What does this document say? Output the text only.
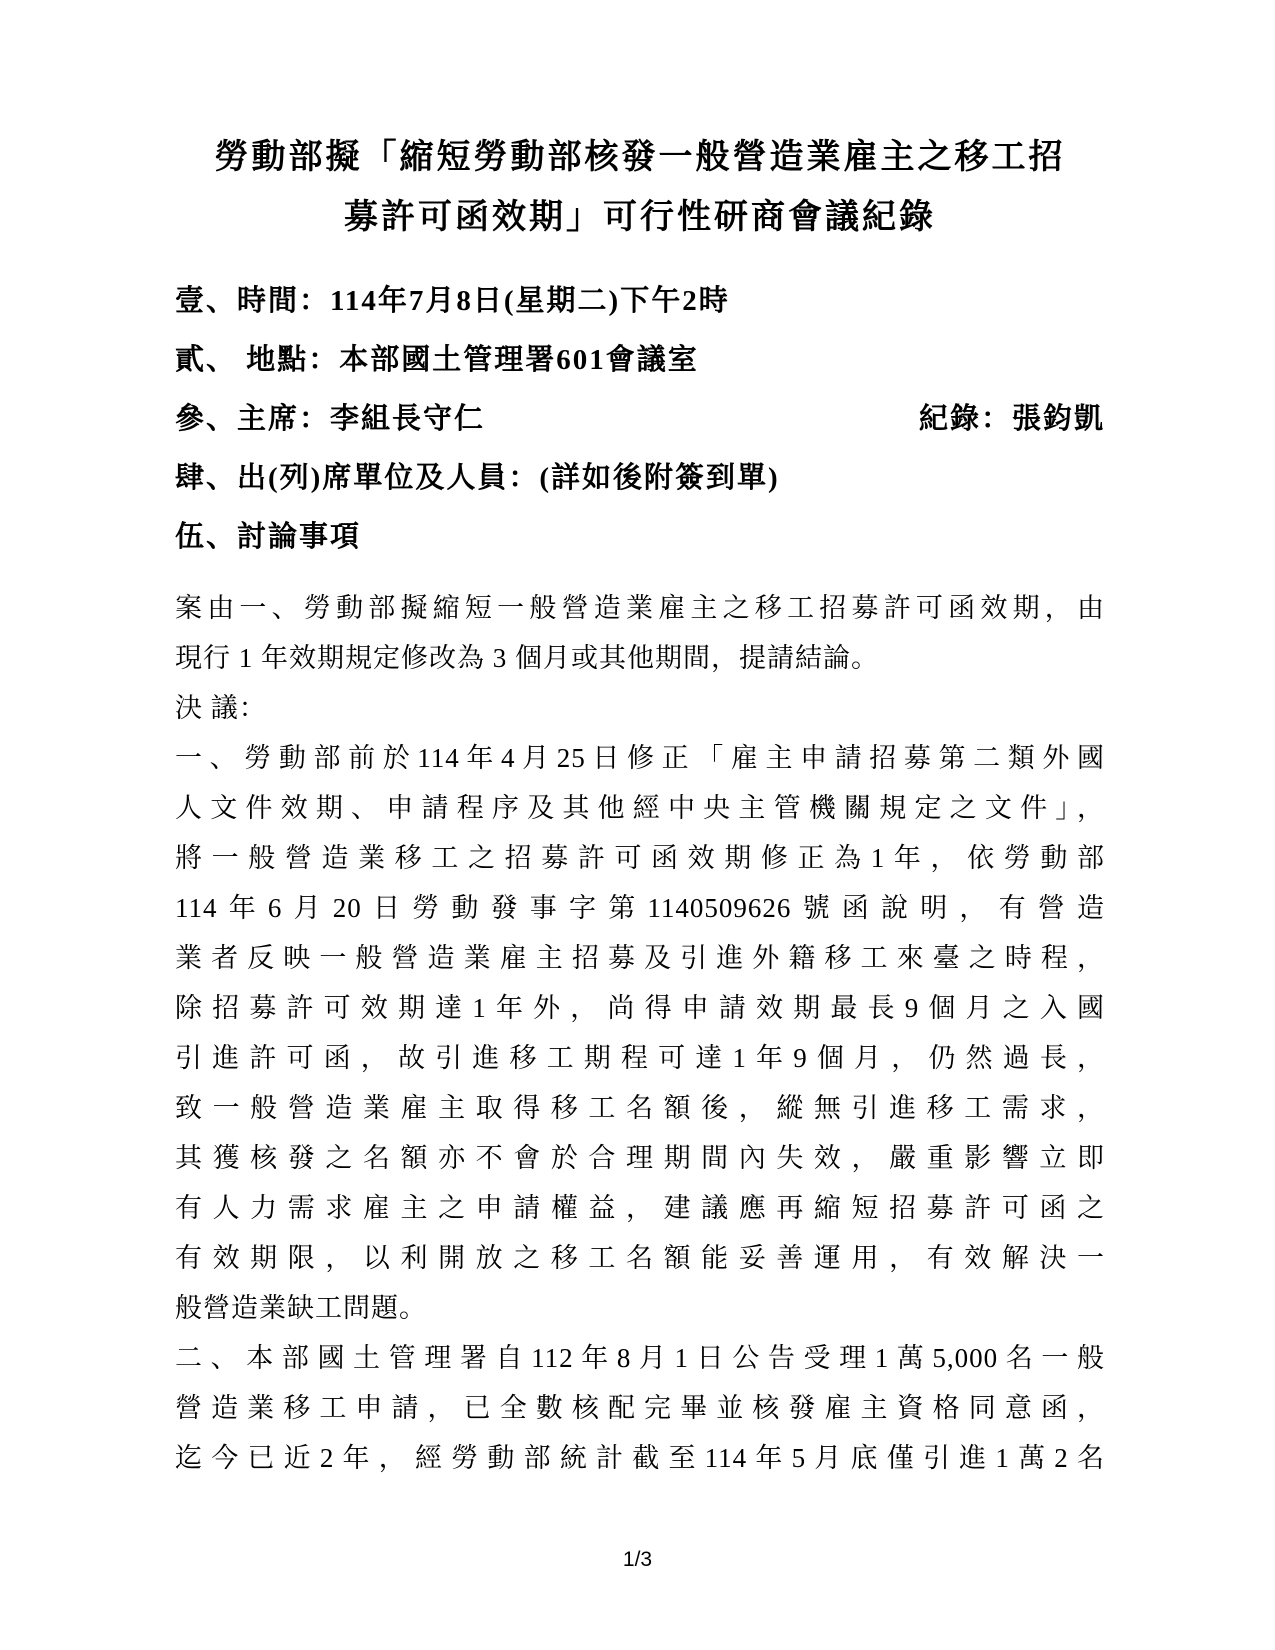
勞動部擬「縮短勞動部核發一般營造業雇主之移工招
募許可函效期」可行性研商會議紀錄

壹、時間：114年7月8日(星期二)下午2時

貳、 地點：本部國土管理署601會議室

參、主席：李組長守仁	紀錄：張鈞凱

肆、出(列)席單位及人員：(詳如後附簽到單)

伍、討論事項

案由一、勞動部擬縮短一般營造業雇主之移工招募許可函效期，由
現行 1 年效期規定修改為 3 個月或其他期間，提請結論。
決 議：
一、勞動部前於114年4月25日修正「雇主申請招募第二類外國
人文件效期、申請程序及其他經中央主管機關規定之文件」，
將一般營造業移工之招募許可函效期修正為1年，依勞動部
114年6月20日勞動發事字第1140509626號函說明，有營造
業者反映一般營造業雇主招募及引進外籍移工來臺之時程，
除招募許可效期達1年外，尚得申請效期最長9個月之入國
引進許可函，故引進移工期程可達1年9個月，仍然過長，
致一般營造業雇主取得移工名額後，縱無引進移工需求，
其獲核發之名額亦不會於合理期間內失效，嚴重影響立即
有人力需求雇主之申請權益，建議應再縮短招募許可函之
有效期限，以利開放之移工名額能妥善運用，有效解決一
般營造業缺工問題。
二、本部國土管理署自112年8月1日公告受理1萬5,000名一般
營造業移工申請，已全數核配完畢並核發雇主資格同意函，
迄今已近2年，經勞動部統計截至114年5月底僅引進1萬2名
1/3
